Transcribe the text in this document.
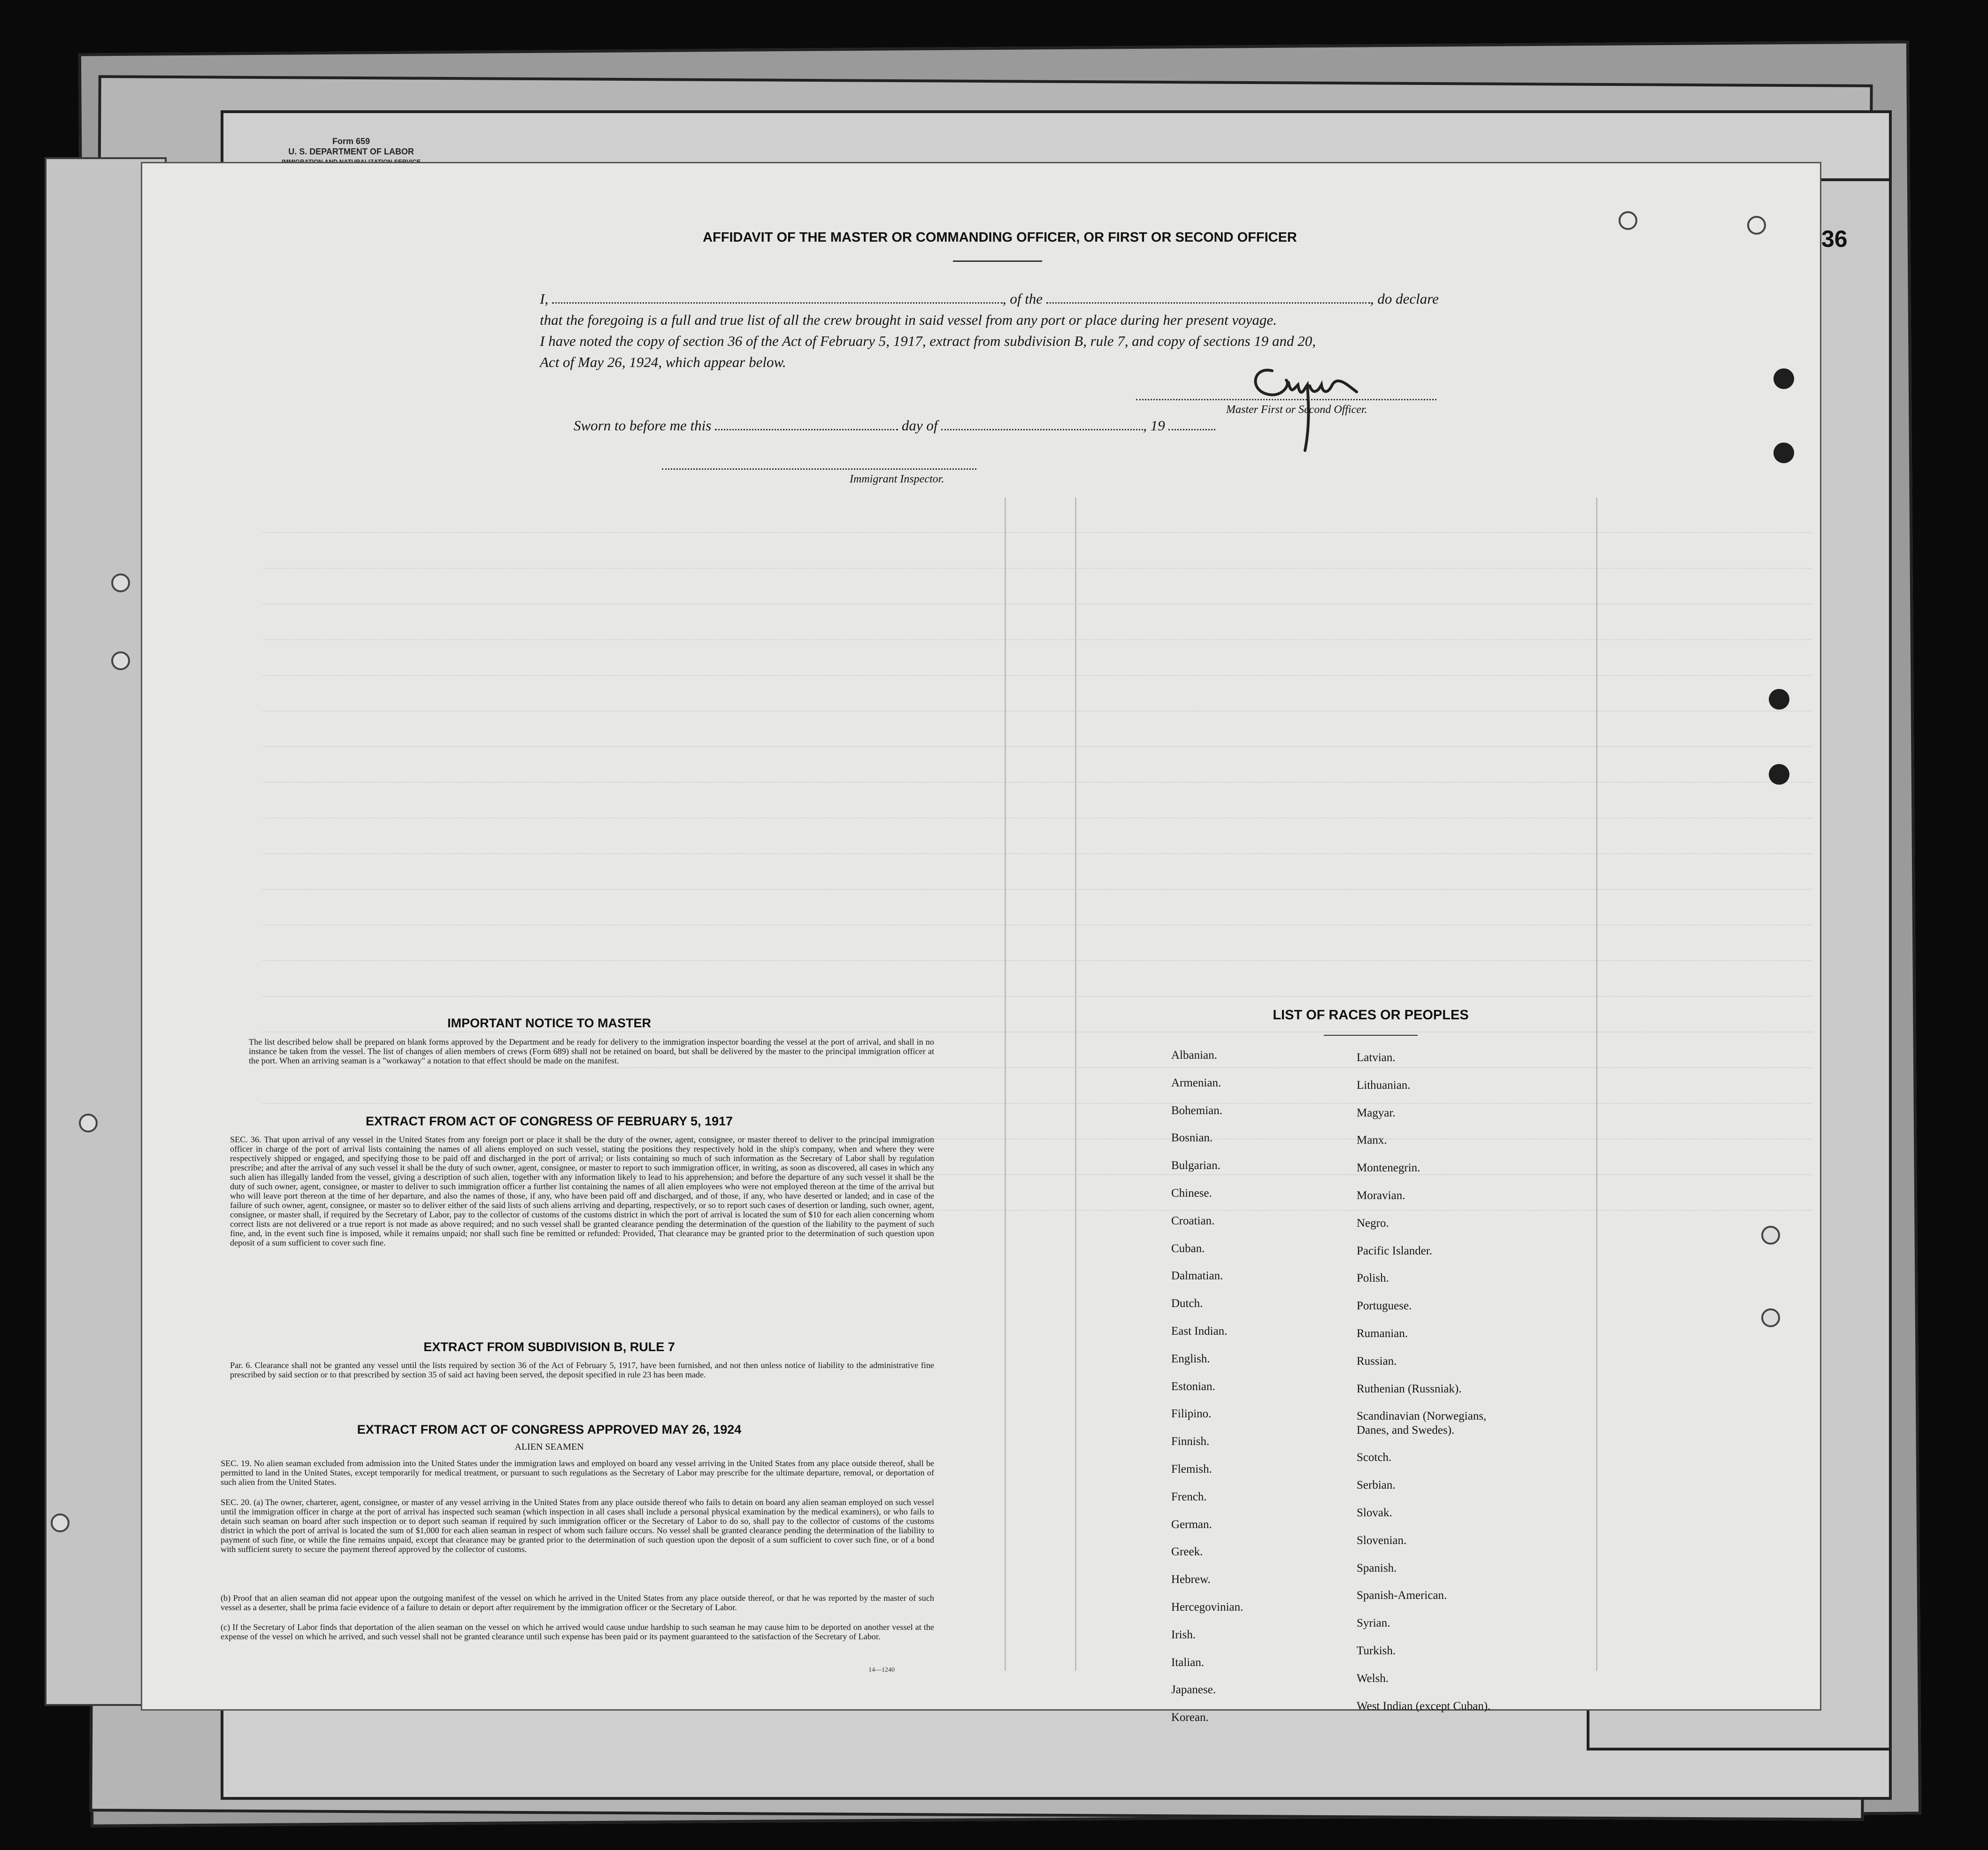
Form 659
U. S. DEPARTMENT OF LABOR
36
AFFIDAVIT OF THE MASTER OR COMMANDING OFFICER, OR FIRST OR SECOND OFFICER
I,	, of the	, do declare
that the foregoing is a full and true list of all the crew brought in said vessel from any port or place during her present voyage.
I have noted the copy of section 36 of the Act of February 5, 1917, extract from subdivision B, rule 7, and copy of sections 19 and 20,
Act of May 26, 1924, which appear below.
Master First or Second Officer.
Sworn to before me this	day of	, 19
Immigrant Inspector.
IMPORTANT NOTICE TO MASTER
The list described below shall be prepared on blank forms approved by the Department and be ready for delivery to the immigration inspector boarding the vessel at the port of arrival, and shall in no instance be taken from the vessel. The list of changes of alien members of crews (Form 689) shall not be retained on board, but shall be delivered by the master to the principal immigration officer at the port. When an arriving seaman is a "workaway" a notation to that effect should be made on the manifest.
EXTRACT FROM ACT OF CONGRESS OF FEBRUARY 5, 1917
SEC. 36. That upon arrival of any vessel in the United States from any foreign port or place it shall be the duty of the owner, agent, consignee, or master thereof to deliver to the principal immigration officer in charge of the port of arrival lists containing the names of all aliens employed on such vessel, stating the positions they respectively hold in the ship's company, when and where they were respectively shipped or engaged, and specifying those to be paid off and discharged in the port of arrival; or lists containing so much of such information as the Secretary of Labor shall by regulation prescribe; and after the arrival of any such vessel it shall be the duty of such owner, agent, consignee, or master to report to such immigration officer, in writing, as soon as discovered, all cases in which any such alien has illegally landed from the vessel, giving a description of such alien, together with any information likely to lead to his apprehension; and before the departure of any such vessel it shall be the duty of such owner, agent, consignee, or master to deliver to such immigration officer a further list containing the names of all alien employees who were not employed thereon at the time of the arrival but who will leave port thereon at the time of her departure, and also the names of those, if any, who have been paid off and discharged, and of those, if any, who have deserted or landed; and in case of the failure of such owner, agent, consignee, or master so to deliver either of the said lists of such aliens arriving and departing, respectively, or so to report such cases of desertion or landing, such owner, agent, consignee, or master shall, if required by the Secretary of Labor, pay to the collector of customs of the customs district in which the port of arrival is located the sum of $10 for each alien concerning whom correct lists are not delivered or a true report is not made as above required; and no such vessel shall be granted clearance pending the determination of the question of the liability to the payment of such fine, and, in the event such fine is imposed, while it remains unpaid; nor shall such fine be remitted or refunded: Provided, That clearance may be granted prior to the determination of such question upon deposit of a sum sufficient to cover such fine.
EXTRACT FROM SUBDIVISION B, RULE 7
Par. 6. Clearance shall not be granted any vessel until the lists required by section 36 of the Act of February 5, 1917, have been furnished, and not then unless notice of liability to the administrative fine prescribed by said section or to that prescribed by section 35 of said act having been served, the deposit specified in rule 23 has been made.
EXTRACT FROM ACT OF CONGRESS APPROVED MAY 26, 1924
ALIEN SEAMEN
SEC. 19. No alien seaman excluded from admission into the United States under the immigration laws and employed on board any vessel arriving in the United States from any place outside thereof, shall be permitted to land in the United States, except temporarily for medical treatment, or pursuant to such regulations as the Secretary of Labor may prescribe for the ultimate departure, removal, or deportation of such alien from the United States.
SEC. 20. (a) The owner, charterer, agent, consignee, or master of any vessel arriving in the United States from any place outside thereof who fails to detain on board any alien seaman employed on such vessel until the immigration officer in charge at the port of arrival has inspected such seaman (which inspection in all cases shall include a personal physical examination by the medical examiners), or who fails to detain such seaman on board after such inspection or to deport such seaman if required by such immigration officer or the Secretary of Labor to do so, shall pay to the collector of customs of the customs district in which the port of arrival is located the sum of $1,000 for each alien seaman in respect of whom such failure occurs. No vessel shall be granted clearance pending the determination of the liability to payment of such fine, or while the fine remains unpaid, except that clearance may be granted prior to the determination of such question upon the deposit of a sum sufficient to cover such fine, or of a bond with sufficient surety to secure the payment thereof approved by the collector of customs.
(b) Proof that an alien seaman did not appear upon the outgoing manifest of the vessel on which he arrived in the United States from any place outside thereof, or that he was reported by the master of such vessel as a deserter, shall be prima facie evidence of a failure to detain or deport after requirement by the immigration officer or the Secretary of Labor.
(c) If the Secretary of Labor finds that deportation of the alien seaman on the vessel on which he arrived would cause undue hardship to such seaman he may cause him to be deported on another vessel at the expense of the vessel on which he arrived, and such vessel shall not be granted clearance until such expense has been paid or its payment guaranteed to the satisfaction of the Secretary of Labor.
14—1240
LIST OF RACES OR PEOPLES
Albanian.
Armenian.
Bohemian.
Bosnian.
Bulgarian.
Chinese.
Croatian.
Cuban.
Dalmatian.
Dutch.
East Indian.
English.
Estonian.
Filipino.
Finnish.
Flemish.
French.
German.
Greek.
Hebrew.
Hercegovinian.
Irish.
Italian.
Japanese.
Korean.
Latvian.
Lithuanian.
Magyar.
Manx.
Montenegrin.
Moravian.
Negro.
Pacific Islander.
Polish.
Portuguese.
Rumanian.
Russian.
Ruthenian (Russniak).
Scandinavian (Norwegians, Danes, and Swedes).
Scotch.
Serbian.
Slovak.
Slovenian.
Spanish.
Spanish-American.
Syrian.
Turkish.
Welsh.
West Indian (except Cuban).
